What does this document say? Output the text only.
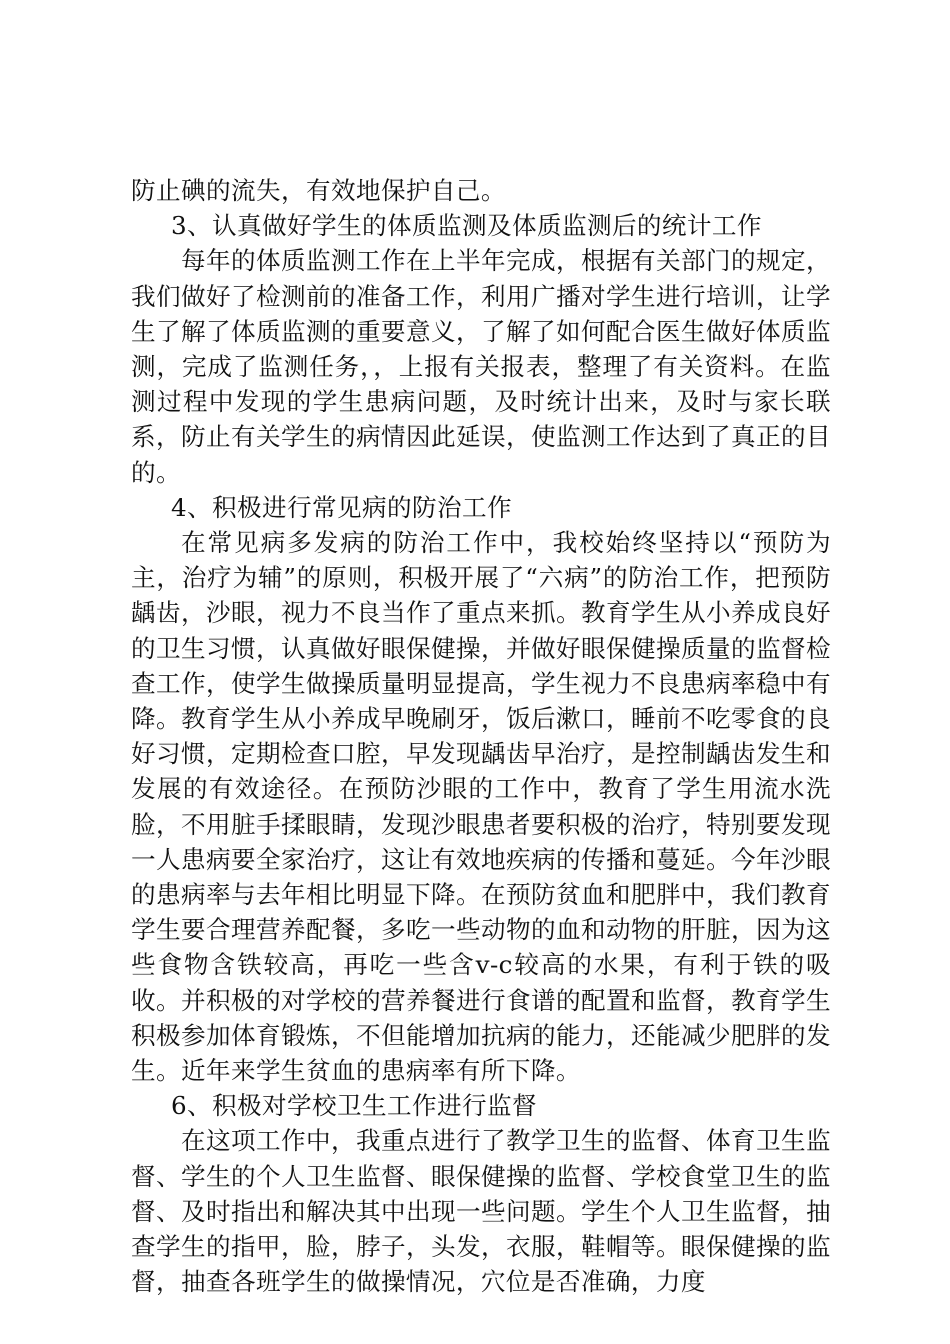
防止碘的流失，有效地保护自己。

3、认真做好学生的体质监测及体质监测后的统计工作

每年的体质监测工作在上半年完成，根据有关部门的规定，我们做好了检测前的准备工作，利用广播对学生进行培训，让学生了解了体质监测的重要意义，了解了如何配合医生做好体质监测，完成了监测任务，，上报有关报表，整理了有关资料。在监测过程中发现的学生患病问题，及时统计出来，及时与家长联系，防止有关学生的病情因此延误，使监测工作达到了真正的目的。

4、积极进行常见病的防治工作

在常见病多发病的防治工作中，我校始终坚持以“预防为主，治疗为辅”的原则，积极开展了“六病”的防治工作，把预防龋齿，沙眼，视力不良当作了重点来抓。教育学生从小养成良好的卫生习惯，认真做好眼保健操，并做好眼保健操质量的监督检查工作，使学生做操质量明显提高，学生视力不良患病率稳中有降。教育学生从小养成早晚刷牙，饭后漱口，睡前不吃零食的良好习惯，定期检查口腔，早发现龋齿早治疗，是控制龋齿发生和发展的有效途径。在预防沙眼的工作中，教育了学生用流水洗脸，不用脏手揉眼睛，发现沙眼患者要积极的治疗，特别要发现一人患病要全家治疗，这让有效地疾病的传播和蔓延。今年沙眼的患病率与去年相比明显下降。在预防贫血和肥胖中，我们教育学生要合理营养配餐，多吃一些动物的血和动物的肝脏，因为这些食物含铁较高，再吃一些含v-c较高的水果，有利于铁的吸收。并积极的对学校的营养餐进行食谱的配置和监督，教育学生积极参加体育锻炼，不但能增加抗病的能力，还能减少肥胖的发生。近年来学生贫血的患病率有所下降。

6、积极对学校卫生工作进行监督

在这项工作中，我重点进行了教学卫生的监督、体育卫生监督、学生的个人卫生监督、眼保健操的监督、学校食堂卫生的监督、及时指出和解决其中出现一些问题。学生个人卫生监督，抽查学生的指甲，脸，脖子，头发，衣服，鞋帽等。眼保健操的监督，抽查各班学生的做操情况，穴位是否准确，力度
